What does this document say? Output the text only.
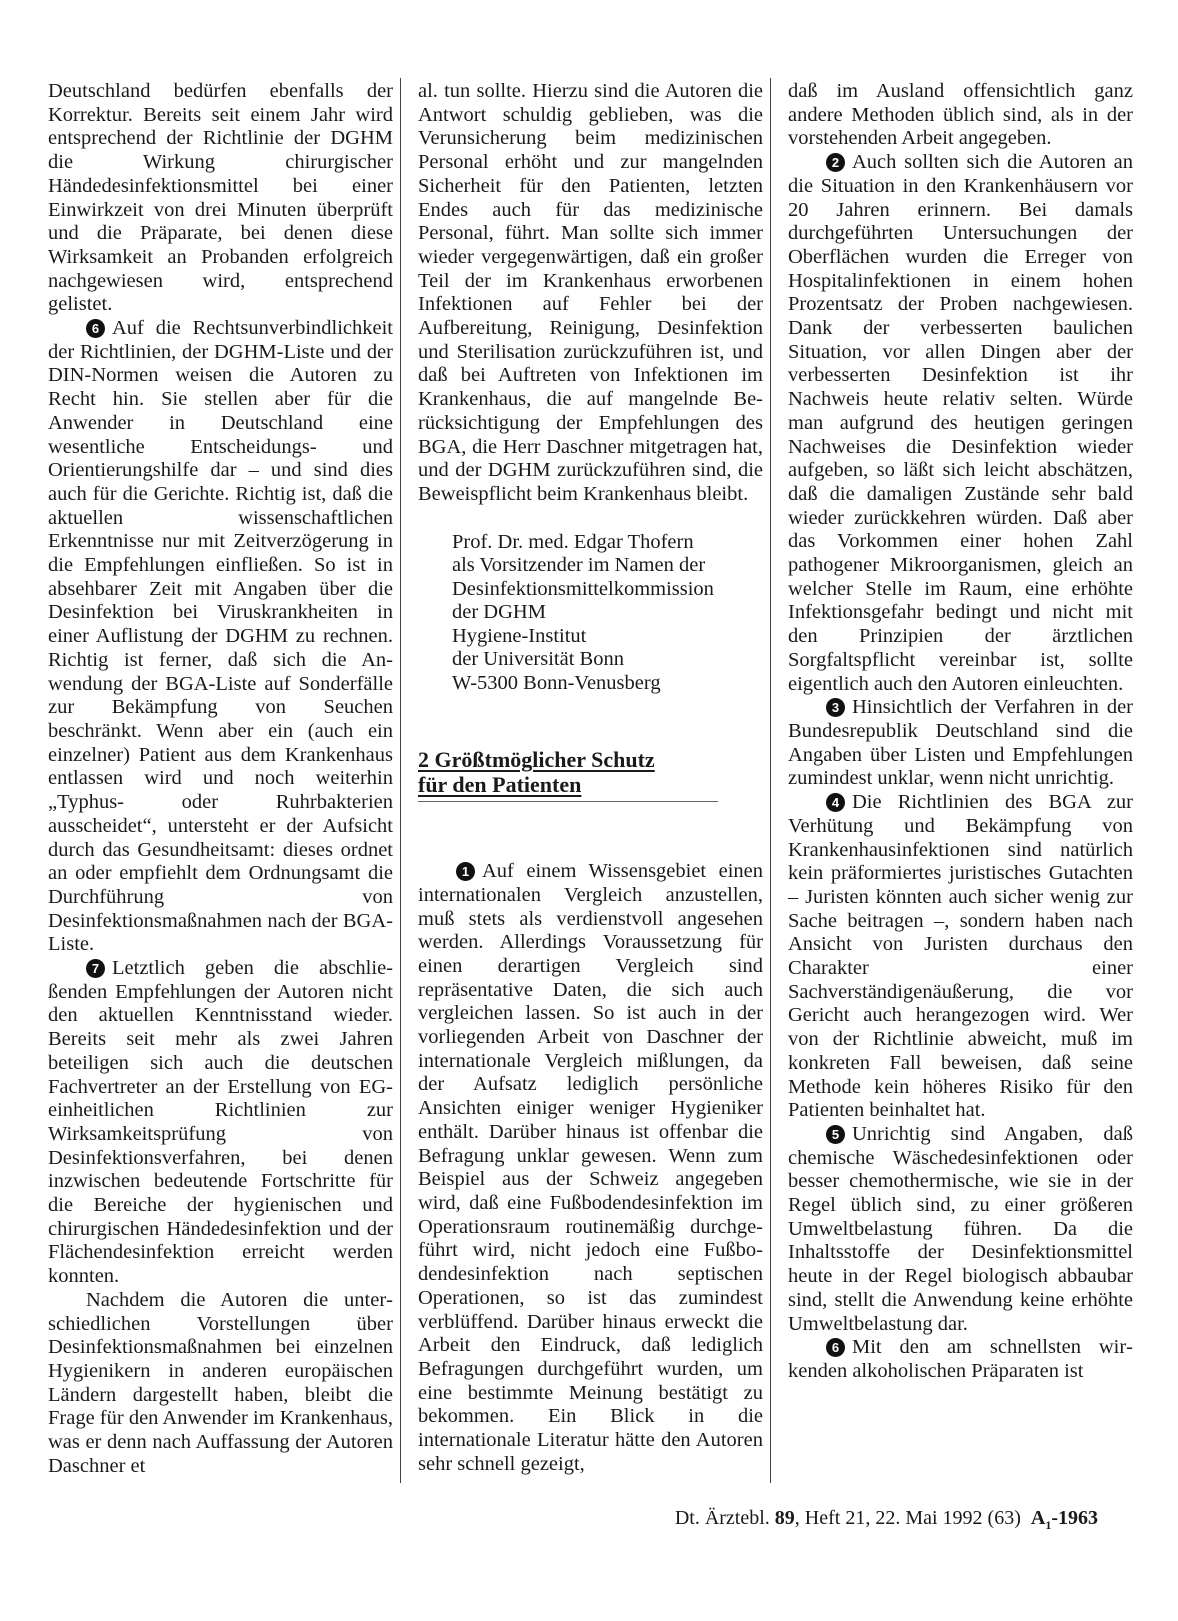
Deutschland bedürfen ebenfalls der Korrektur. Bereits seit einem Jahr wird entsprechend der Richtlinie der DGHM die Wirkung chirurgischer Händedesinfektionsmittel bei einer Einwirkzeit von drei Minuten überprüft und die Präparate, bei denen diese Wirksamkeit an Probanden erfolgreich nachgewiesen wird, entsprechend gelistet.

6 Auf die Rechtsunverbindlichkeit der Richtlinien, der DGHM-Liste und der DIN-Normen weisen die Autoren zu Recht hin. Sie stellen aber für die Anwender in Deutschland eine wesentliche Entscheidungs- und Orientierungshilfe dar – und sind dies auch für die Gerichte. Richtig ist, daß die aktuellen wissenschaftlichen Erkenntnisse nur mit Zeitverzögerung in die Empfehlungen einfließen. So ist in absehbarer Zeit mit Angaben über die Desinfektion bei Viruskrankheiten in einer Auflistung der DGHM zu rechnen. Richtig ist ferner, daß sich die Anwendung der BGA-Liste auf Sonderfälle zur Bekämpfung von Seuchen beschränkt. Wenn aber ein (auch ein einzelner) Patient aus dem Krankenhaus entlassen wird und noch weiterhin „Typhus- oder Ruhrbakterien ausscheidet“, untersteht er der Aufsicht durch das Gesundheitsamt: dieses ordnet an oder empfiehlt dem Ordnungsamt die Durchführung von Desinfektionsmaßnahmen nach der BGA-Liste.

7 Letztlich geben die abschließenden Empfehlungen der Autoren nicht den aktuellen Kenntnisstand wieder. Bereits seit mehr als zwei Jahren beteiligen sich auch die deutschen Fachvertreter an der Erstellung von EG-einheitlichen Richtlinien zur Wirksamkeitsprüfung von Desinfektionsverfahren, bei denen inzwischen bedeutende Fortschritte für die Bereiche der hygienischen und chirurgischen Händedesinfektion und der Flächendesinfektion erreicht werden konnten.

Nachdem die Autoren die unterschiedlichen Vorstellungen über Desinfektionsmaßnahmen bei einzelnen Hygienikern in anderen europäischen Ländern dargestellt haben, bleibt die Frage für den Anwender im Krankenhaus, was er denn nach Auffassung der Autoren Daschner et

al. tun sollte. Hierzu sind die Autoren die Antwort schuldig geblieben, was die Verunsicherung beim medizinischen Personal erhöht und zur mangelnden Sicherheit für den Patienten, letzten Endes auch für das medizinische Personal, führt. Man sollte sich immer wieder vergegenwärtigen, daß ein großer Teil der im Krankenhaus erworbenen Infektionen auf Fehler bei der Aufbereitung, Reinigung, Desinfektion und Sterilisation zurückzuführen ist, und daß bei Auftreten von Infektionen im Krankenhaus, die auf mangelnde Berücksichtigung der Empfehlungen des BGA, die Herr Daschner mitgetragen hat, und der DGHM zurückzuführen sind, die Beweispflicht beim Krankenhaus bleibt.

Prof. Dr. med. Edgar Thofern
als Vorsitzender im Namen der
Desinfektionsmittelkommission
der DGHM
Hygiene-Institut
der Universität Bonn
W-5300 Bonn-Venusberg
2 Größtmöglicher Schutz
für den Patienten

1 Auf einem Wissensgebiet einen internationalen Vergleich anzustellen, muß stets als verdienstvoll angesehen werden. Allerdings Voraussetzung für einen derartigen Vergleich sind repräsentative Daten, die sich auch vergleichen lassen. So ist auch in der vorliegenden Arbeit von Daschner der internationale Vergleich mißlungen, da der Aufsatz lediglich persönliche Ansichten einiger weniger Hygieniker enthält. Darüber hinaus ist offenbar die Befragung unklar gewesen. Wenn zum Beispiel aus der Schweiz angegeben wird, daß eine Fußbodendesinfektion im Operationsraum routinemäßig durchgeführt wird, nicht jedoch eine Fußbodendesinfektion nach septischen Operationen, so ist das zumindest verblüffend. Darüber hinaus erweckt die Arbeit den Eindruck, daß lediglich Befragungen durchgeführt wurden, um eine bestimmte Meinung bestätigt zu bekommen. Ein Blick in die internationale Literatur hätte den Autoren sehr schnell gezeigt,

daß im Ausland offensichtlich ganz andere Methoden üblich sind, als in der vorstehenden Arbeit angegeben.

2 Auch sollten sich die Autoren an die Situation in den Krankenhäusern vor 20 Jahren erinnern. Bei damals durchgeführten Untersuchungen der Oberflächen wurden die Erreger von Hospitalinfektionen in einem hohen Prozentsatz der Proben nachgewiesen. Dank der verbesserten baulichen Situation, vor allen Dingen aber der verbesserten Desinfektion ist ihr Nachweis heute relativ selten. Würde man aufgrund des heutigen geringen Nachweises die Desinfektion wieder aufgeben, so läßt sich leicht abschätzen, daß die damaligen Zustände sehr bald wieder zurückkehren würden. Daß aber das Vorkommen einer hohen Zahl pathogener Mikroorganismen, gleich an welcher Stelle im Raum, eine erhöhte Infektionsgefahr bedingt und nicht mit den Prinzipien der ärztlichen Sorgfaltspflicht vereinbar ist, sollte eigentlich auch den Autoren einleuchten.

3 Hinsichtlich der Verfahren in der Bundesrepublik Deutschland sind die Angaben über Listen und Empfehlungen zumindest unklar, wenn nicht unrichtig.

4 Die Richtlinien des BGA zur Verhütung und Bekämpfung von Krankenhausinfektionen sind natürlich kein präformiertes juristisches Gutachten – Juristen könnten auch sicher wenig zur Sache beitragen –, sondern haben nach Ansicht von Juristen durchaus den Charakter einer Sachverständigenäußerung, die vor Gericht auch herangezogen wird. Wer von der Richtlinie abweicht, muß im konkreten Fall beweisen, daß seine Methode kein höheres Risiko für den Patienten beinhaltet hat.

5 Unrichtig sind Angaben, daß chemische Wäschedesinfektionen oder besser chemothermische, wie sie in der Regel üblich sind, zu einer größeren Umweltbelastung führen. Da die Inhaltsstoffe der Desinfektionsmittel heute in der Regel biologisch abbaubar sind, stellt die Anwendung keine erhöhte Umweltbelastung dar.

6 Mit den am schnellsten wirkenden alkoholischen Präparaten ist

Dt. Ärztebl. 89, Heft 21, 22. Mai 1992 (63) $A_1-1963$
